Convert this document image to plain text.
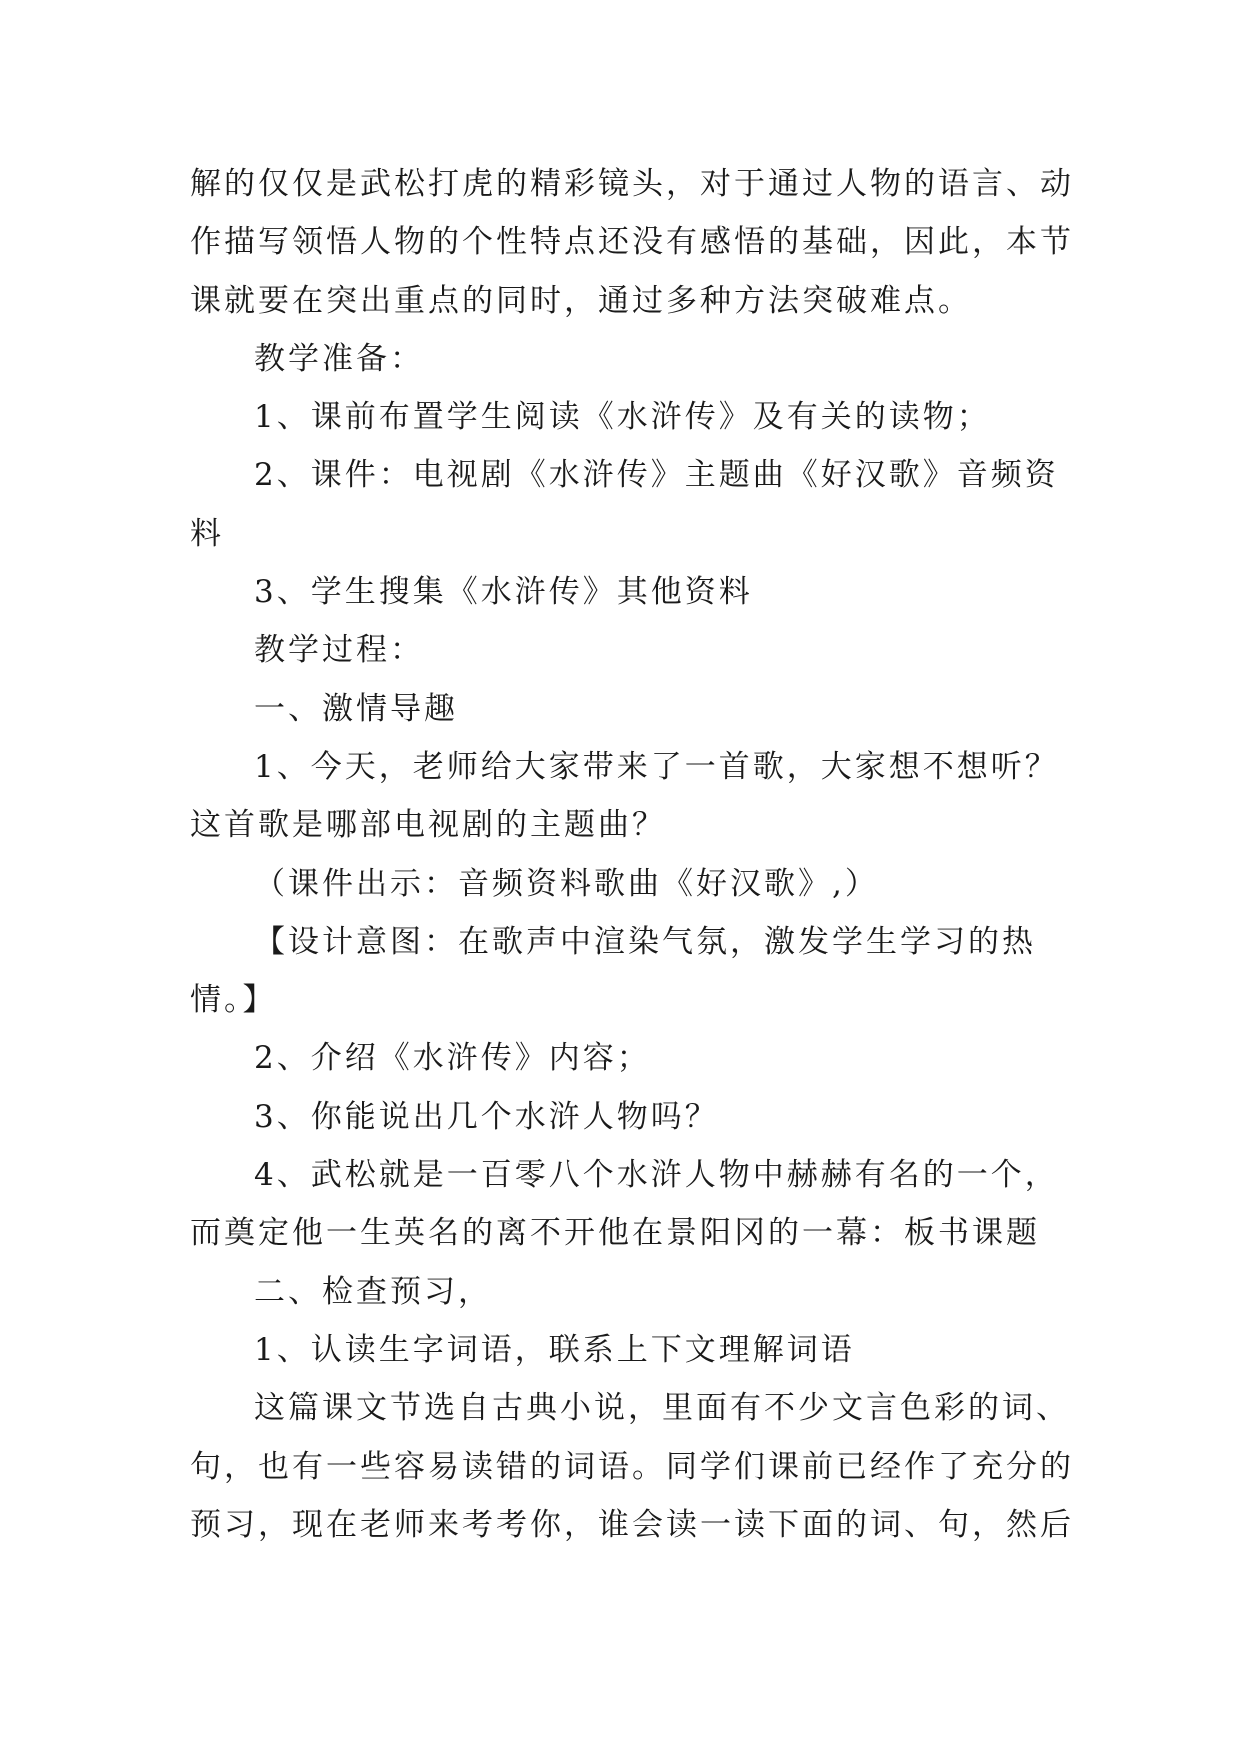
解的仅仅是武松打虎的精彩镜头，对于通过人物的语言、动

作描写领悟人物的个性特点还没有感悟的基础，因此，本节

课就要在突出重点的同时，通过多种方法突破难点。

教学准备：

1、课前布置学生阅读《水浒传》及有关的读物；

2、课件：电视剧《水浒传》主题曲《好汉歌》音频资

料

3、学生搜集《水浒传》其他资料

教学过程：

一、激情导趣

1、今天，老师给大家带来了一首歌，大家想不想听？

这首歌是哪部电视剧的主题曲？

（课件出示：音频资料歌曲《好汉歌》,）

【设计意图：在歌声中渲染气氛，激发学生学习的热

情。】

2、介绍《水浒传》内容；

3、你能说出几个水浒人物吗？

4、武松就是一百零八个水浒人物中赫赫有名的一个，

而奠定他一生英名的离不开他在景阳冈的一幕：板书课题

二、检查预习，

1、认读生字词语，联系上下文理解词语

这篇课文节选自古典小说，里面有不少文言色彩的词、

句，也有一些容易读错的词语。同学们课前已经作了充分的

预习，现在老师来考考你，谁会读一读下面的词、句，然后
